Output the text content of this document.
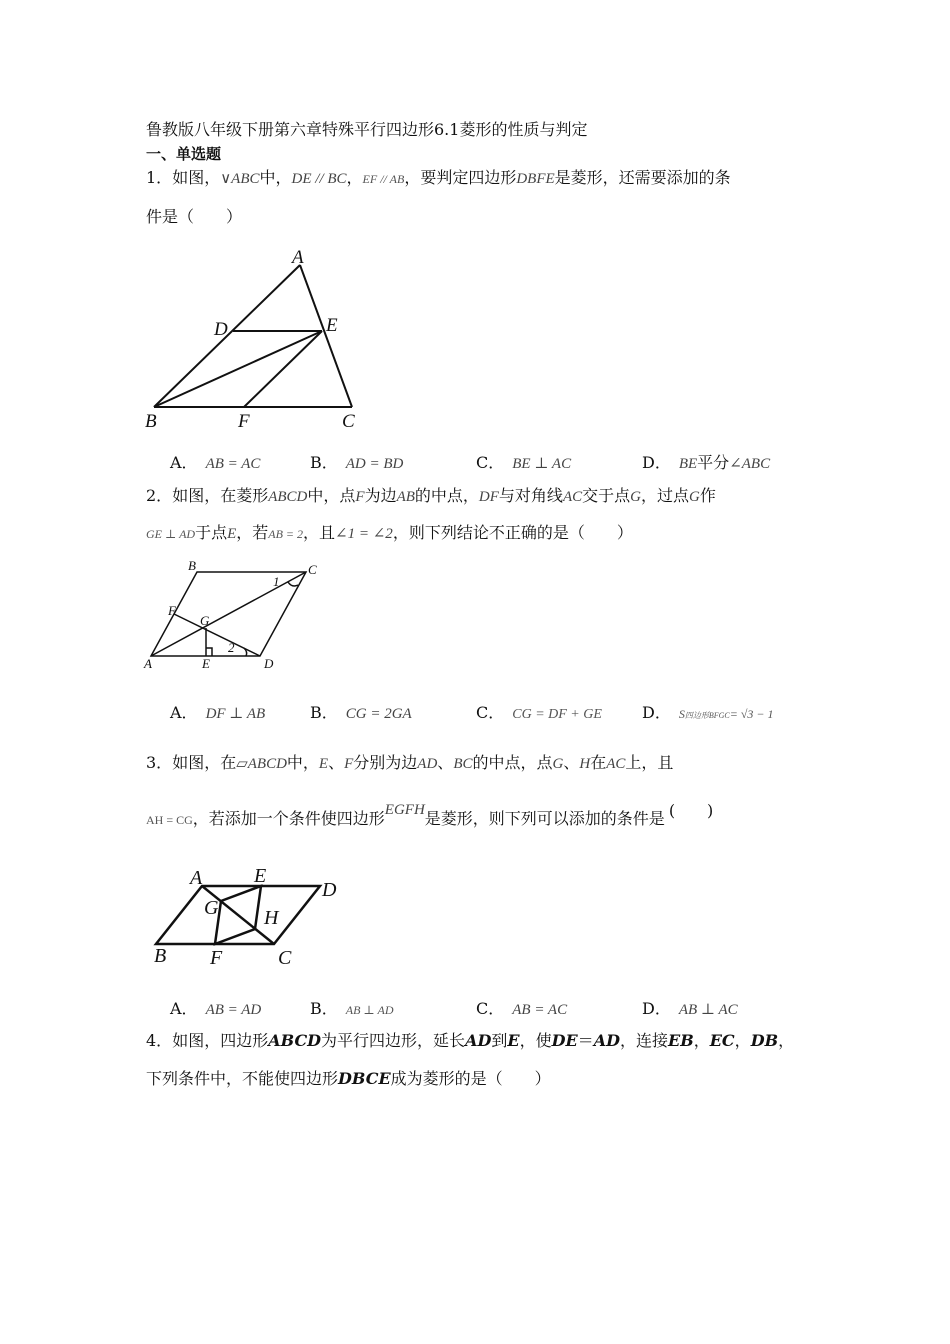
鲁教版八年级下册第六章特殊平行四边形6.1菱形的性质与判定
一、单选题
1．如图，∨ABC中，DE // BC，EF // AB，要判定四边形DBFE是菱形，还需要添加的条
件是（　　）
A
D	E
B	F	C
A． AB = AC	B． AD = BD	C． BE ⊥ AC	D． BE平分∠ABC
2．如图，在菱形ABCD中，点F为边AB的中点，DF与对角线AC交于点G，过点G作
GE ⊥ AD于点E，若AB = 2，且∠1 = ∠2，则下列结论不正确的是（　　）
B	C
1
F
G
2
A	E	D
A． DF ⊥ AB	B． CG = 2GA	C． CG = DF + GE	D． S四边形BFGC= √3 − 1
3．如图，在▱ABCD中，E、F分别为边AD、BC的中点，点G、H在AC上，且
AH = CG，若添加一个条件使四边形EGFH是菱形，则下列可以添加的条件是 (　　)
A	E
D
G H
B F	C
A． AB = AD	B． AB ⊥ AD	C． AB = AC	D． AB ⊥ AC
4．如图，四边形ABCD为平行四边形，延长AD到E，使DE＝AD，连接EB，EC，DB，
下列条件中，不能使四边形DBCE成为菱形的是（　　）
